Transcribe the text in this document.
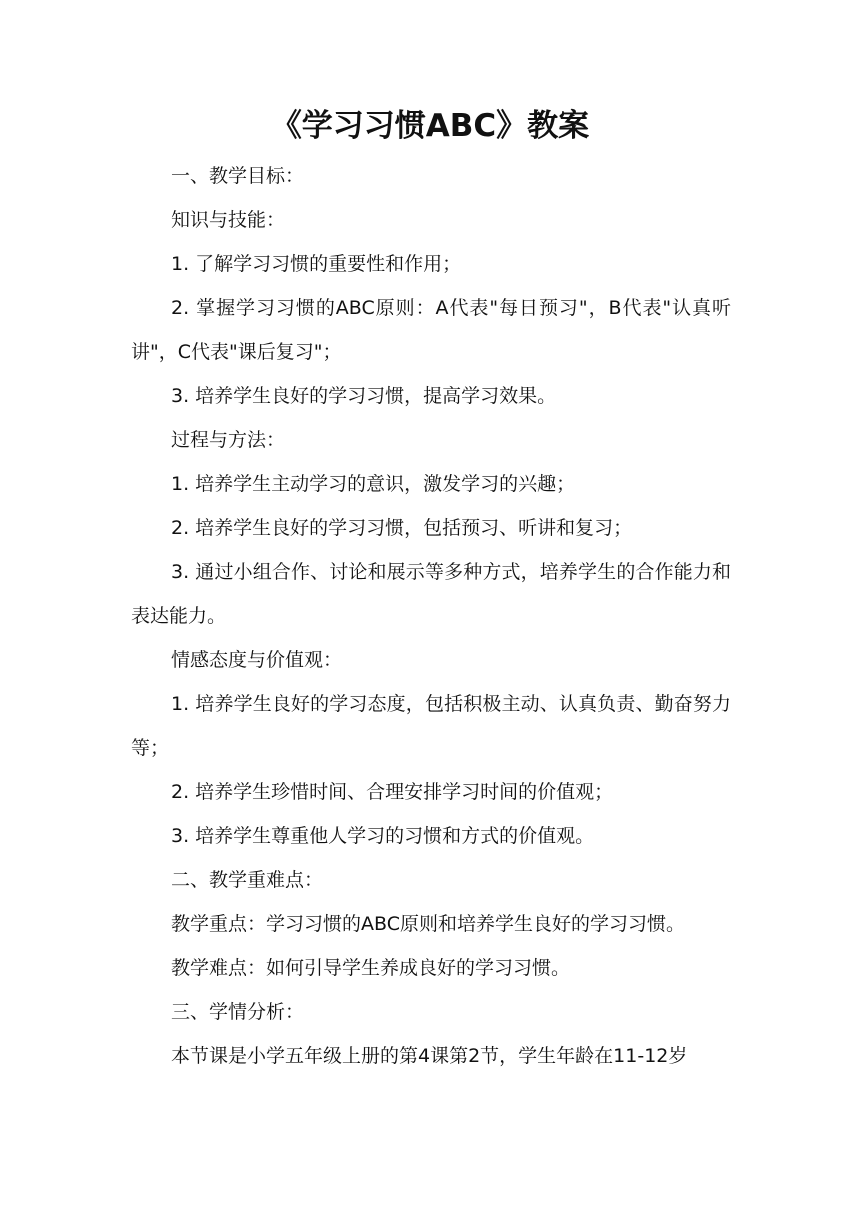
《学习习惯ABC》教案

一、教学目标：

知识与技能：

1. 了解学习习惯的重要性和作用；

2. 掌握学习习惯的ABC原则：A代表"每日预习"，B代表"认真听讲"，C代表"课后复习"；

3. 培养学生良好的学习习惯，提高学习效果。

过程与方法：

1. 培养学生主动学习的意识，激发学习的兴趣；

2. 培养学生良好的学习习惯，包括预习、听讲和复习；

3. 通过小组合作、讨论和展示等多种方式，培养学生的合作能力和表达能力。

情感态度与价值观：

1. 培养学生良好的学习态度，包括积极主动、认真负责、勤奋努力等；

2. 培养学生珍惜时间、合理安排学习时间的价值观；

3. 培养学生尊重他人学习的习惯和方式的价值观。

二、教学重难点：

教学重点：学习习惯的ABC原则和培养学生良好的学习习惯。

教学难点：如何引导学生养成良好的学习习惯。

三、学情分析：

本节课是小学五年级上册的第4课第2节，学生年龄在11-12岁
